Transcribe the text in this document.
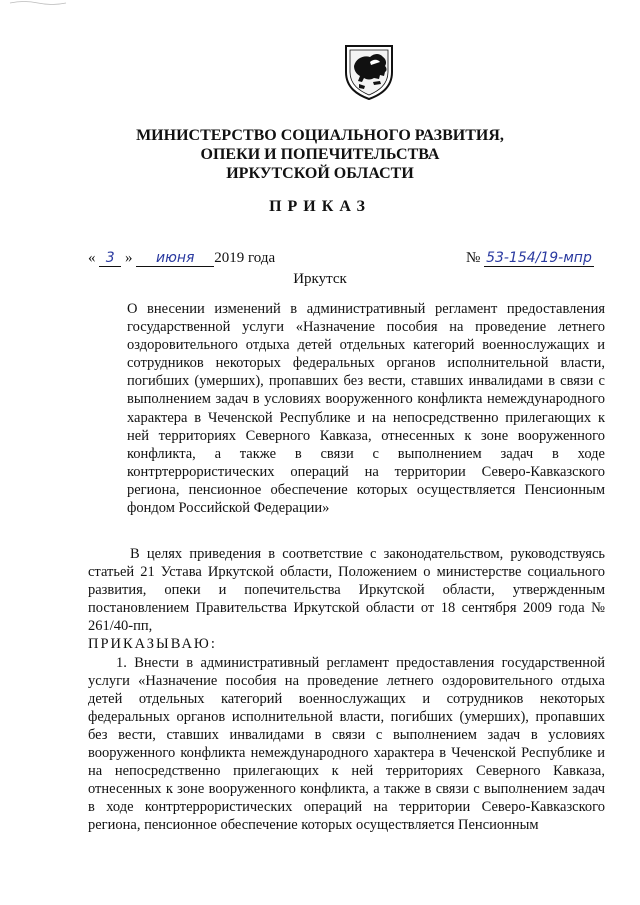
МИНИСТЕРСТВО СОЦИАЛЬНОГО РАЗВИТИЯ,
ОПЕКИ И ПОПЕЧИТЕЛЬСТВА
ИРКУТСКОЙ ОБЛАСТИ
ПРИКАЗ
« 3 » июня 2019 года	№ 53-154/19-мпр
Иркутск

О внесении изменений в административный регламент предоставления государственной услуги «Назначение пособия на проведение летнего оздоровительного отдыха детей отдельных категорий военнослужащих и сотрудников некоторых федеральных органов исполнительной власти, погибших (умерших), пропавших без вести, ставших инвалидами в связи с выполнением задач в условиях вооруженного конфликта немеждународного характера в Чеченской Республике и на непосредственно прилегающих к ней территориях Северного Кавказа, отнесенных к зоне вооруженного конфликта, а также в связи с выполнением задач в ходе контртеррористических операций на территории Северо-Кавказского региона, пенсионное обеспечение которых осуществляется Пенсионным фондом Российской Федерации»

В целях приведения в соответствие с законодательством, руководствуясь статьей 21 Устава Иркутской области, Положением о министерстве социального развития, опеки и попечительства Иркутской области, утвержденным постановлением Правительства Иркутской области от 18 сентября 2009 года № 261/40-пп,

ПРИКАЗЫВАЮ:

1. Внести в административный регламент предоставления государственной услуги «Назначение пособия на проведение летнего оздоровительного отдыха детей отдельных категорий военнослужащих и сотрудников некоторых федеральных органов исполнительной власти, погибших (умерших), пропавших без вести, ставших инвалидами в связи с выполнением задач в условиях вооруженного конфликта немеждународного характера в Чеченской Республике и на непосредственно прилегающих к ней территориях Северного Кавказа, отнесенных к зоне вооруженного конфликта, а также в связи с выполнением задач в ходе контртеррористических операций на территории Северо-Кавказского региона, пенсионное обеспечение которых осуществляется Пенсионным
